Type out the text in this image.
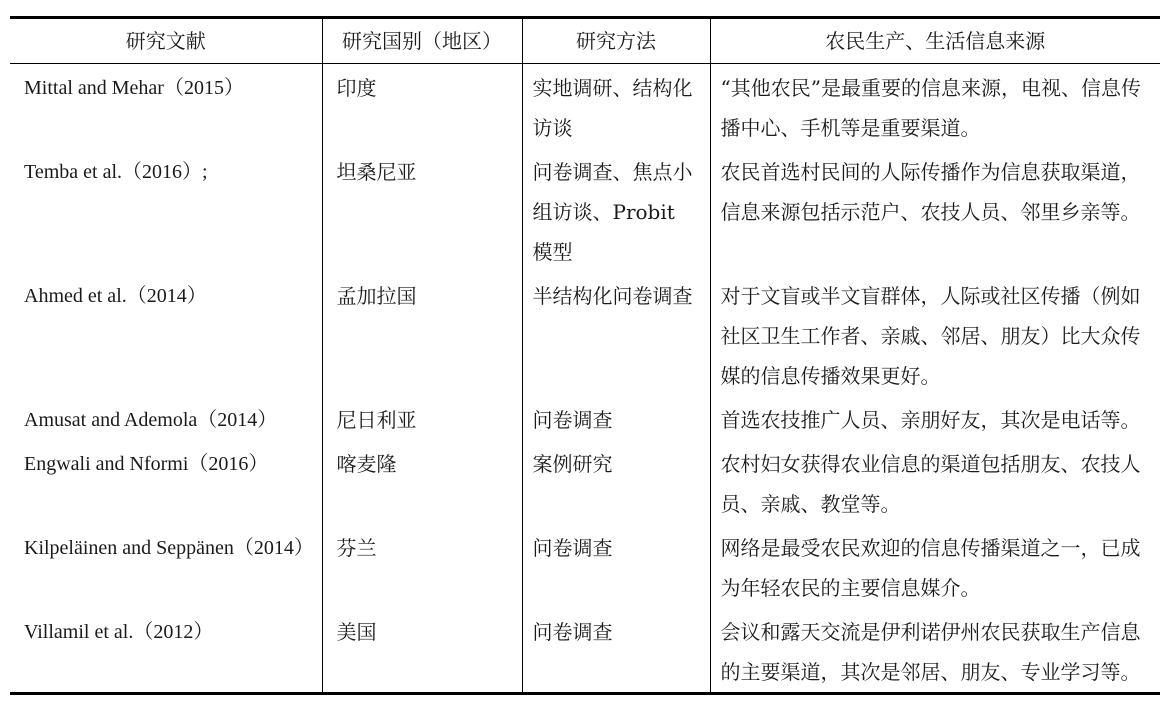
研究文献	研究国别（地区）	研究方法	农民生产、生活信息来源
Mittal and Mehar（2015）	印度	实地调研、结构化访谈	“其他农民”是最重要的信息来源，电视、信息传播中心、手机等是重要渠道。
Temba et al.（2016）;	坦桑尼亚	问卷调查、焦点小组访谈、Probit 模型	农民首选村民间的人际传播作为信息获取渠道，信息来源包括示范户、农技人员、邻里乡亲等。
Ahmed et al.（2014）	孟加拉国	半结构化问卷调查	对于文盲或半文盲群体，人际或社区传播（例如社区卫生工作者、亲戚、邻居、朋友）比大众传媒的信息传播效果更好。
Amusat and Ademola（2014）	尼日利亚	问卷调查	首选农技推广人员、亲朋好友，其次是电话等。
Engwali and Nformi（2016）	喀麦隆	案例研究	农村妇女获得农业信息的渠道包括朋友、农技人员、亲戚、教堂等。
Kilpeläinen and Seppänen（2014）	芬兰	问卷调查	网络是最受农民欢迎的信息传播渠道之一，已成为年轻农民的主要信息媒介。
Villamil et al.（2012）	美国	问卷调查	会议和露天交流是伊利诺伊州农民获取生产信息的主要渠道，其次是邻居、朋友、专业学习等。
